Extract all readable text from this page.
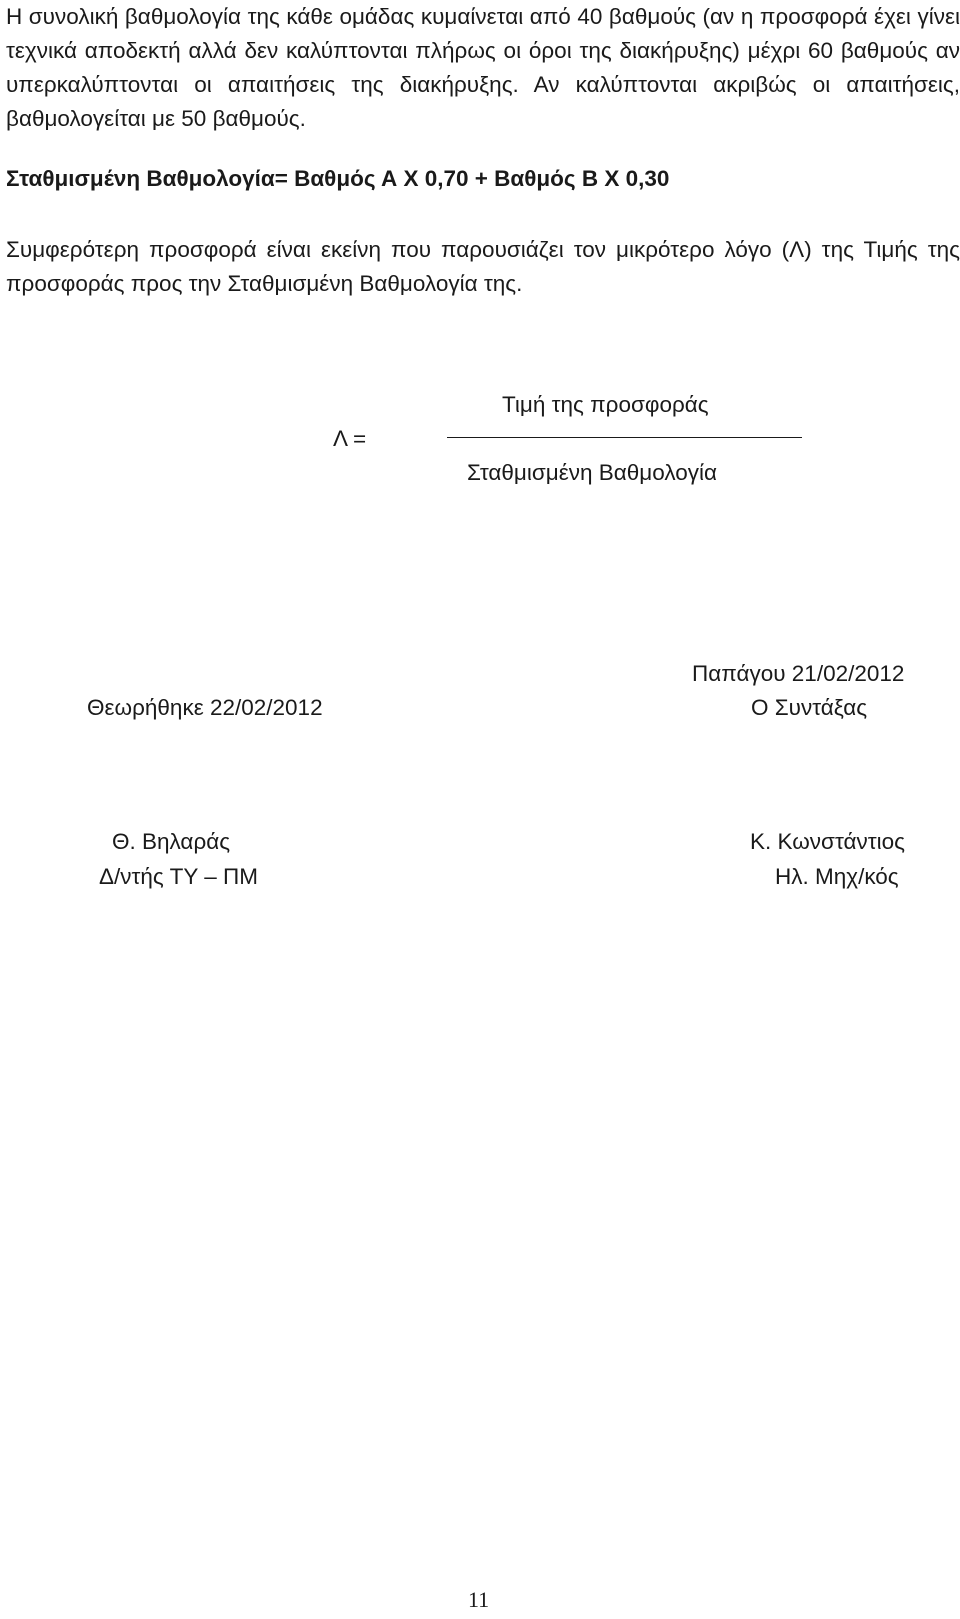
Η συνολική βαθμολογία της κάθε ομάδας κυμαίνεται από 40 βαθμούς (αν η προσφορά έχει γίνει τεχνικά αποδεκτή αλλά δεν καλύπτονται πλήρως οι όροι της διακήρυξης) μέχρι 60 βαθμούς αν υπερκαλύπτονται οι απαιτήσεις της διακήρυξης. Αν καλύπτονται ακριβώς οι απαιτήσεις, βαθμολογείται με 50 βαθμούς.

Σταθμισμένη Βαθμολογία= Βαθμός Α Χ 0,70 + Βαθμός Β Χ 0,30

Συμφερότερη προσφορά είναι εκείνη που παρουσιάζει τον μικρότερο λόγο (Λ) της Τιμής της προσφοράς προς την Σταθμισμένη Βαθμολογία της.

Λ =
Τιμή της προσφοράς
Σταθμισμένη Βαθμολογία
Παπάγου 21/02/2012
Ο Συντάξας
Θεωρήθηκε 22/02/2012
Θ. Βηλαράς
Δ/ντής ΤΥ – ΠΜ
Κ. Κωνστάντιος
Ηλ. Μηχ/κός
11
